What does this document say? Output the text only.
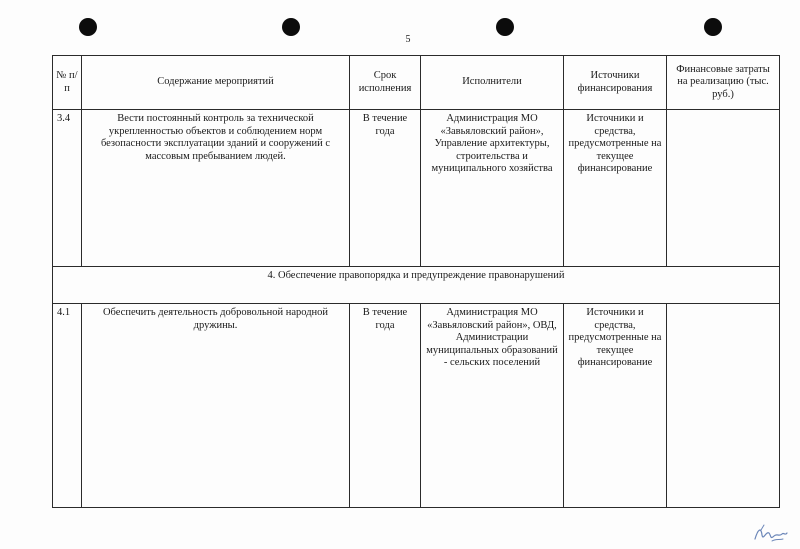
5
№ п/п	Содержание мероприятий	Срок исполнения	Исполнители	Источники финансирования	Финансовые затраты на реализацию (тыс. руб.)
3.4	Вести постоянный контроль за технической укрепленностью объектов и соблюдением норм безопасности эксплуатации зданий и сооружений с массовым пребыванием людей.	В течение года	Администрация МО «Завьяловский район», Управление архитектуры, строительства и муниципального хозяйства	Источники и средства, предусмотренные на текущее финансирование	
4. Обеспечение правопорядка и предупреждение правонарушений					
4.1	Обеспечить деятельность добровольной народной дружины.	В течение года	Администрация МО «Завьяловский район», ОВД, Администрации муниципальных образований - сельских поселений	Источники и средства, предусмотренные на текущее финансирование	
